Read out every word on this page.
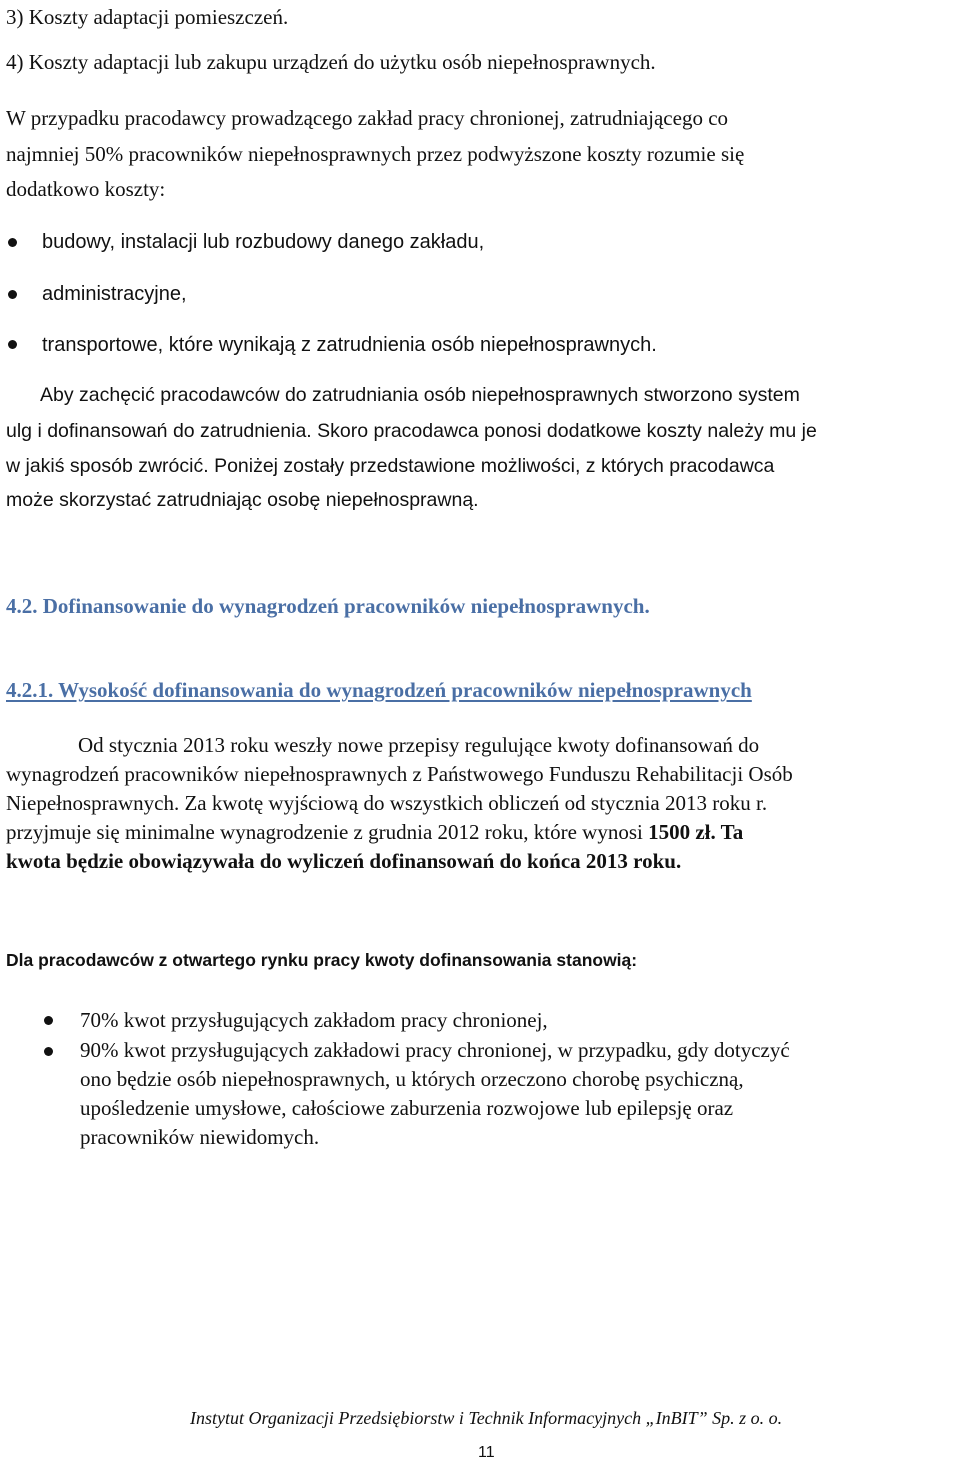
3) Koszty adaptacji pomieszczeń.
4) Koszty adaptacji lub zakupu urządzeń do użytku osób niepełnosprawnych.
W przypadku pracodawcy prowadzącego zakład pracy chronionej, zatrudniającego co
najmniej 50% pracowników niepełnosprawnych przez podwyższone koszty rozumie się
dodatkowo koszty:
budowy, instalacji lub rozbudowy danego zakładu,
administracyjne,
transportowe, które wynikają z zatrudnienia osób niepełnosprawnych.
Aby zachęcić pracodawców do zatrudniania osób niepełnosprawnych stworzono system
ulg i dofinansowań do zatrudnienia. Skoro pracodawca ponosi dodatkowe koszty należy mu je
w jakiś sposób zwrócić. Poniżej zostały przedstawione możliwości, z których pracodawca
może skorzystać zatrudniając osobę niepełnosprawną.
4.2. Dofinansowanie do wynagrodzeń pracowników niepełnosprawnych.
4.2.1. Wysokość dofinansowania do wynagrodzeń pracowników niepełnosprawnych
Od stycznia 2013 roku weszły nowe przepisy regulujące kwoty dofinansowań do
wynagrodzeń pracowników niepełnosprawnych z Państwowego Funduszu Rehabilitacji Osób
Niepełnosprawnych. Za kwotę wyjściową do wszystkich obliczeń od stycznia 2013 roku r.
przyjmuje się minimalne wynagrodzenie z grudnia 2012 roku, które wynosi 1500 zł. Ta
kwota będzie obowiązywała do wyliczeń dofinansowań do końca 2013 roku.
Dla pracodawców z otwartego rynku pracy kwoty dofinansowania stanowią:
70% kwot przysługujących zakładom pracy chronionej,
90% kwot przysługujących zakładowi pracy chronionej, w przypadku, gdy dotyczyć
ono będzie osób niepełnosprawnych, u których orzeczono chorobę psychiczną,
upośledzenie umysłowe, całościowe zaburzenia rozwojowe lub epilepsję oraz
pracowników niewidomych.
Instytut Organizacji Przedsiębiorstw i Technik Informacyjnych „InBIT” Sp. z o. o.
11
